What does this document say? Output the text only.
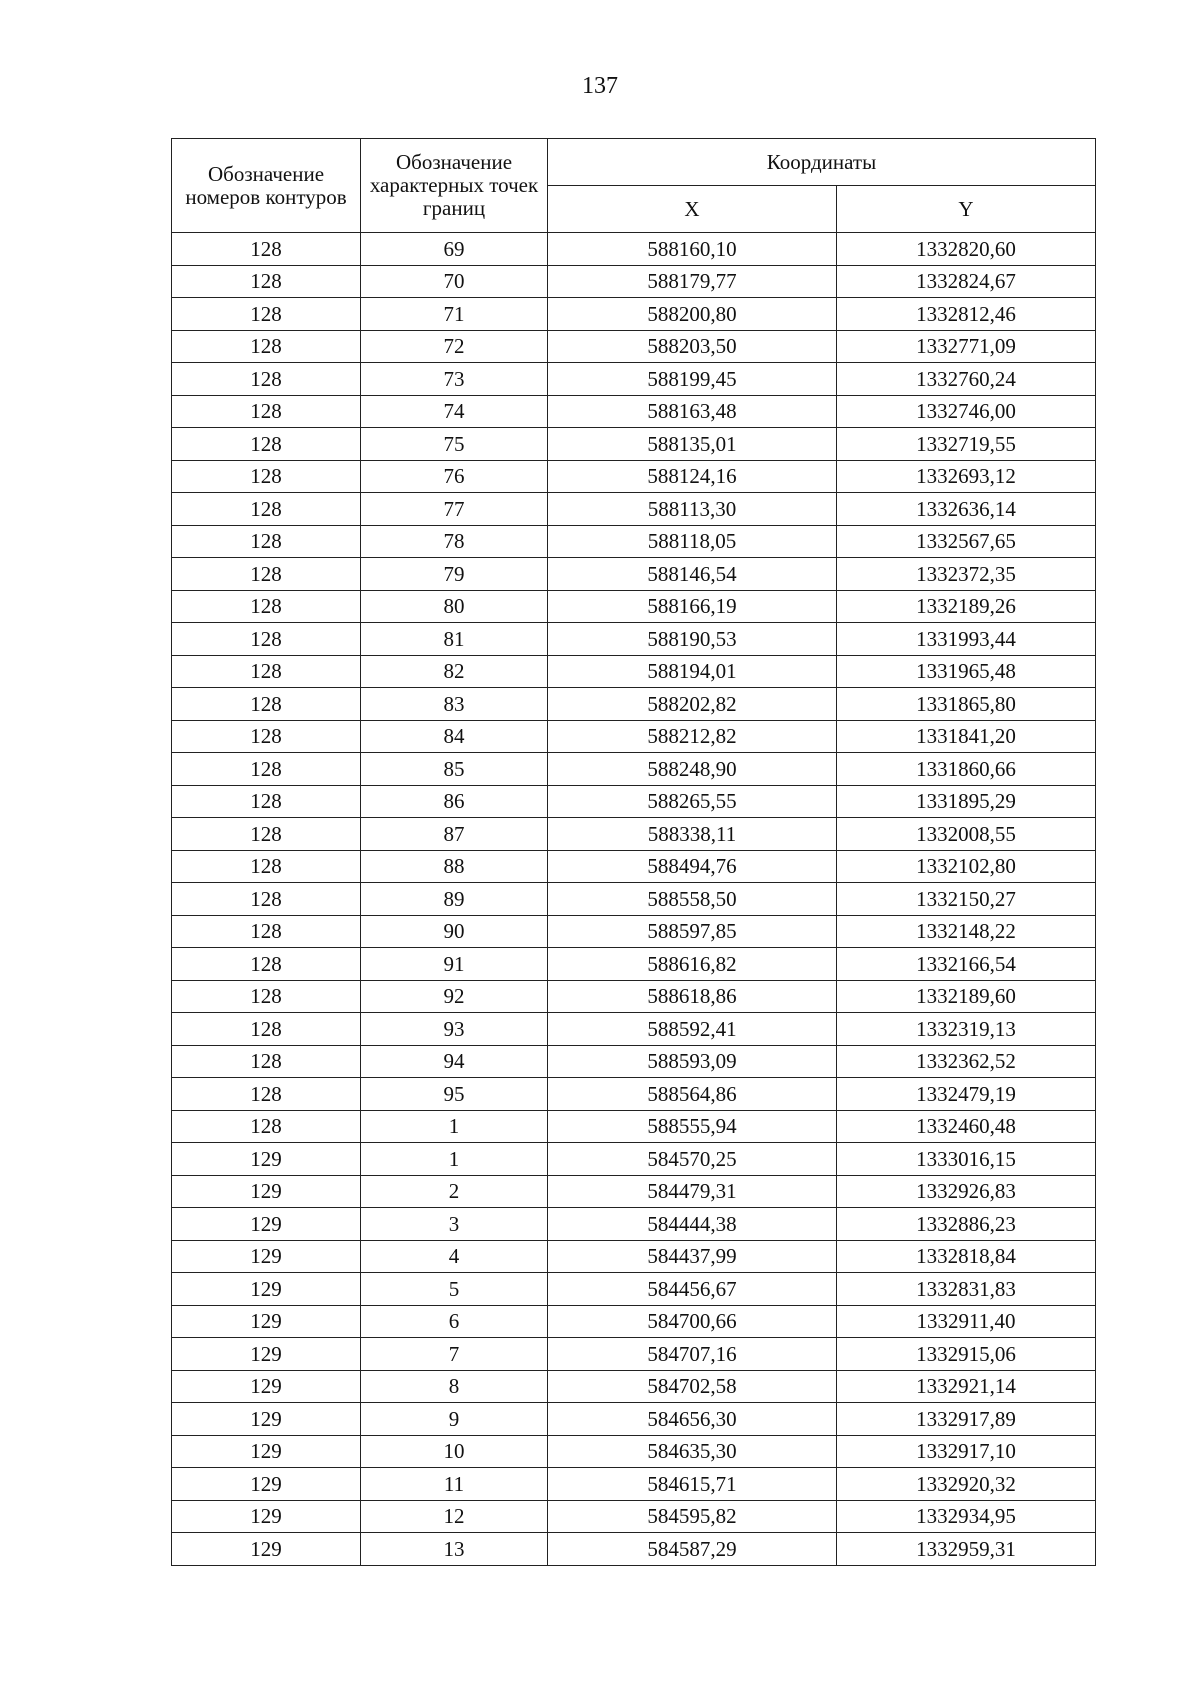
137
Обозначение номеров контуров	Обозначение характерных точек границ	Координаты	
		X	Y
128	69	588160,10	1332820,60
128	70	588179,77	1332824,67
128	71	588200,80	1332812,46
128	72	588203,50	1332771,09
128	73	588199,45	1332760,24
128	74	588163,48	1332746,00
128	75	588135,01	1332719,55
128	76	588124,16	1332693,12
128	77	588113,30	1332636,14
128	78	588118,05	1332567,65
128	79	588146,54	1332372,35
128	80	588166,19	1332189,26
128	81	588190,53	1331993,44
128	82	588194,01	1331965,48
128	83	588202,82	1331865,80
128	84	588212,82	1331841,20
128	85	588248,90	1331860,66
128	86	588265,55	1331895,29
128	87	588338,11	1332008,55
128	88	588494,76	1332102,80
128	89	588558,50	1332150,27
128	90	588597,85	1332148,22
128	91	588616,82	1332166,54
128	92	588618,86	1332189,60
128	93	588592,41	1332319,13
128	94	588593,09	1332362,52
128	95	588564,86	1332479,19
128	1	588555,94	1332460,48
129	1	584570,25	1333016,15
129	2	584479,31	1332926,83
129	3	584444,38	1332886,23
129	4	584437,99	1332818,84
129	5	584456,67	1332831,83
129	6	584700,66	1332911,40
129	7	584707,16	1332915,06
129	8	584702,58	1332921,14
129	9	584656,30	1332917,89
129	10	584635,30	1332917,10
129	11	584615,71	1332920,32
129	12	584595,82	1332934,95
129	13	584587,29	1332959,31
